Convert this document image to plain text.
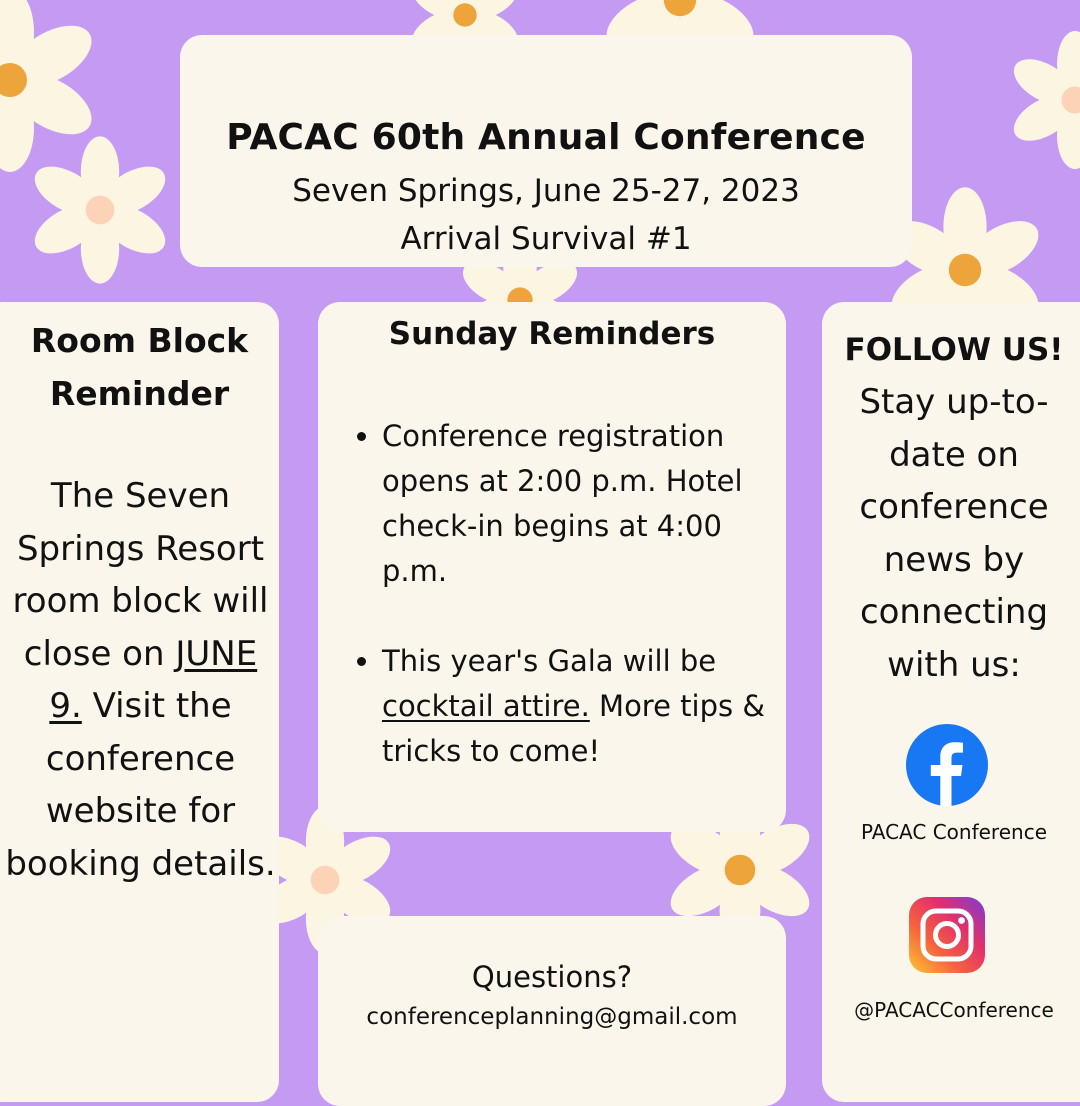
PACAC 60th Annual Conference
Seven Springs, June 25-27, 2023
Arrival Survival #1
Room Block
Reminder
The Seven Springs Resort room block will close on JUNE 9. Visit the conference website for booking details.
Sunday Reminders
• Conference registration opens at 2:00 p.m. Hotel check-in begins at 4:00 p.m.
• This year's Gala will be cocktail attire. More tips & tricks to come!
Questions?
conferenceplanning@gmail.com
FOLLOW US!
Stay up-to-date on conference news by connecting with us:
PACAC Conference
@PACACConference
